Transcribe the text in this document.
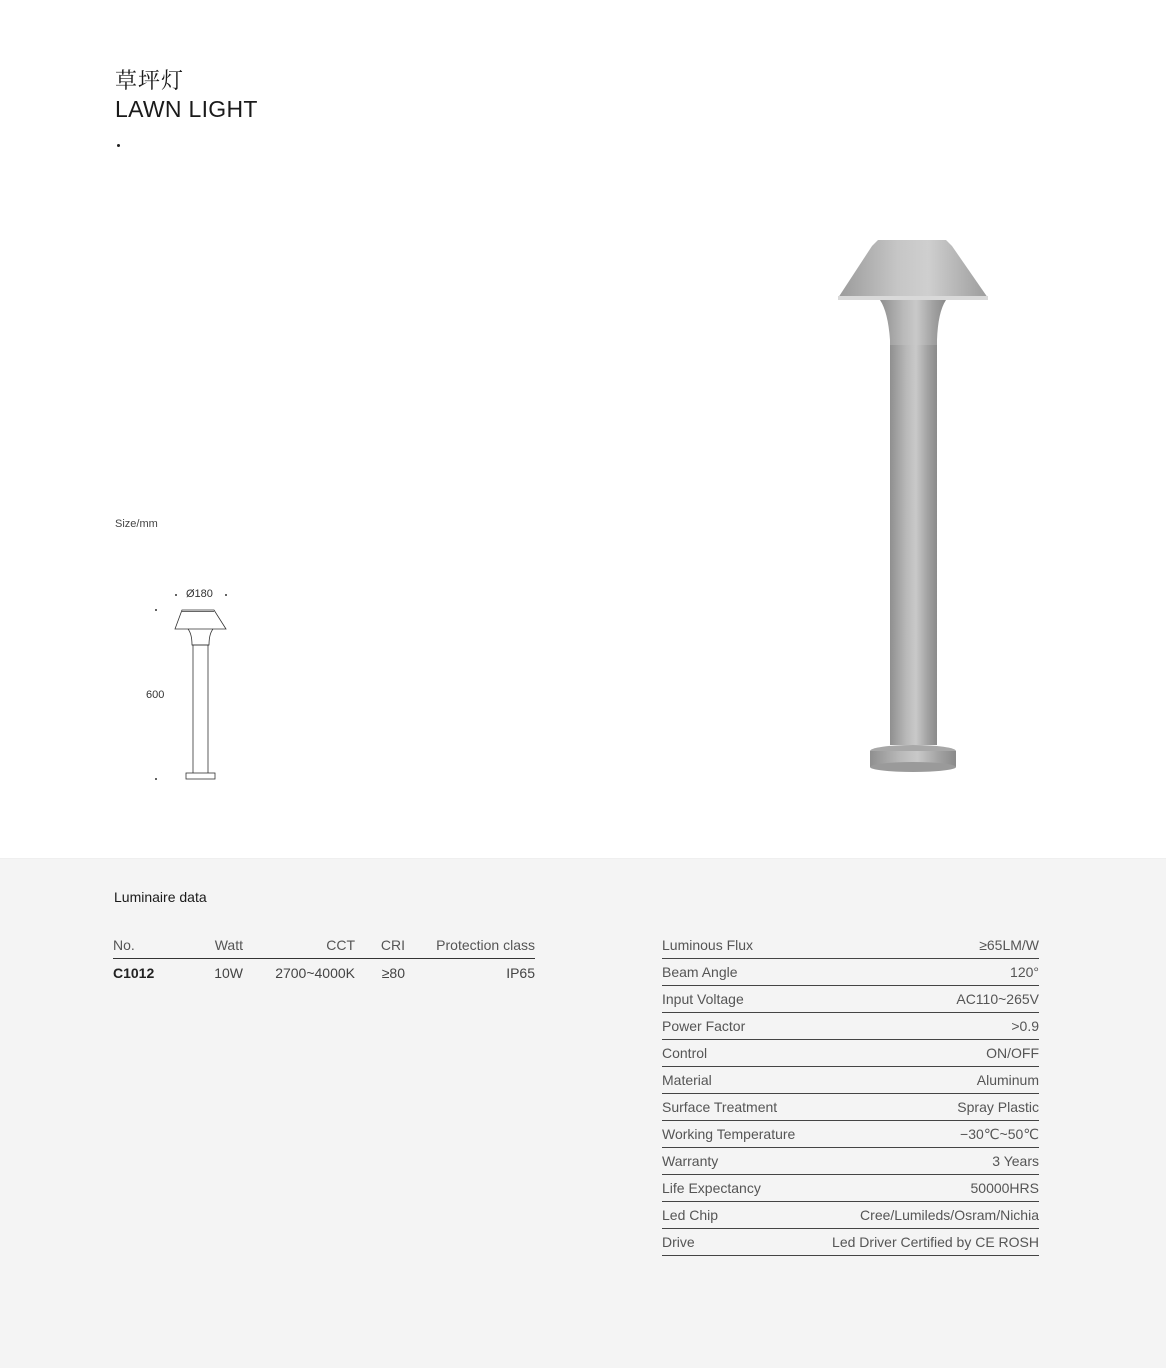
草坪灯
LAWN LIGHT
Size/mm
Ø180
600
Luminaire data
No.	Watt	CCT	CRI	Protection class
C1012	10W	2700~4000K	≥80	IP65
Luminous Flux	≥65LM/W
Beam Angle	120°
Input Voltage	AC110~265V
Power Factor	>0.9
Control	ON/OFF
Material	Aluminum
Surface Treatment	Spray Plastic
Working Temperature	−30℃~50℃
Warranty	3 Years
Life Expectancy	50000HRS
Led Chip	Cree/Lumileds/Osram/Nichia
Drive	Led Driver Certified by CE ROSH
